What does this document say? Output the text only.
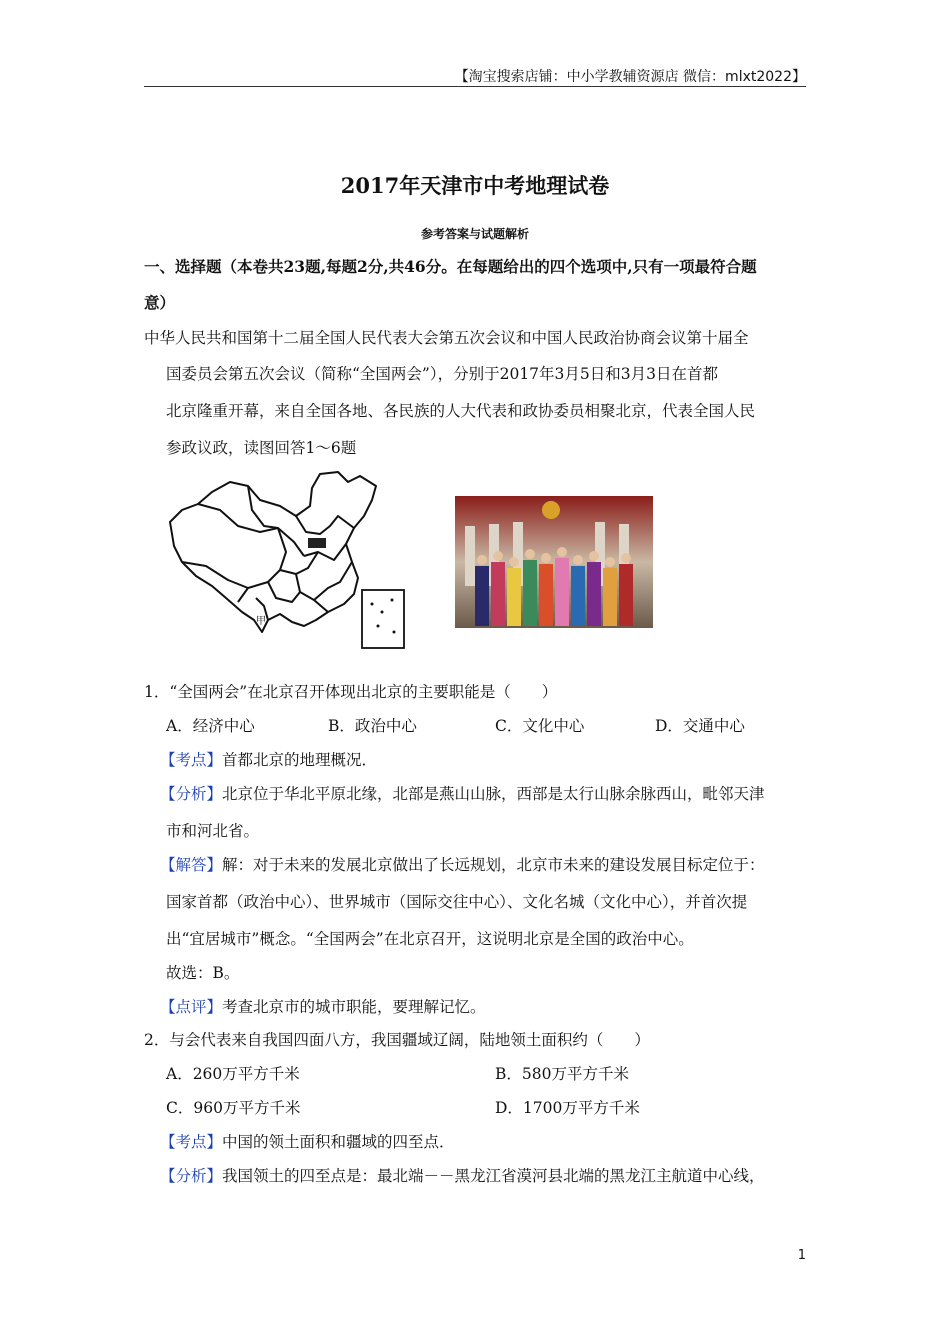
【淘宝搜索店铺：中小学教辅资源店 微信：mlxt2022】
2017年天津市中考地理试卷
参考答案与试题解析
一、选择题（本卷共23题,每题2分,共46分。在每题给出的四个选项中,只有一项最符合题
意）
中华人民共和国第十二届全国人民代表大会第五次会议和中国人民政治协商会议第十届全
国委员会第五次会议（简称“全国两会”），分别于2017年3月5日和3月3日在首都
北京隆重开幕，来自全国各地、各民族的人大代表和政协委员相聚北京，代表全国人民
参政议政，读图回答1～6题
甲
1．“全国两会”在北京召开体现出北京的主要职能是（　　）
A．经济中心	B．政治中心	C．文化中心	D．交通中心
【考点】首都北京的地理概况．
【分析】北京位于华北平原北缘，北部是燕山山脉，西部是太行山脉余脉西山，毗邻天津
市和河北省。
【解答】解：对于未来的发展北京做出了长远规划，北京市未来的建设发展目标定位于：
国家首都（政治中心）、世界城市（国际交往中心）、文化名城（文化中心），并首次提
出“宜居城市”概念。“全国两会”在北京召开，这说明北京是全国的政治中心。
故选：B。
【点评】考查北京市的城市职能，要理解记忆。
2．与会代表来自我国四面八方，我国疆域辽阔，陆地领土面积约（　　）
A．260万平方千米	B．580万平方千米
C．960万平方千米	D．1700万平方千米
【考点】中国的领土面积和疆域的四至点．
【分析】我国领土的四至点是：最北端－－黑龙江省漠河县北端的黑龙江主航道中心线，
1
